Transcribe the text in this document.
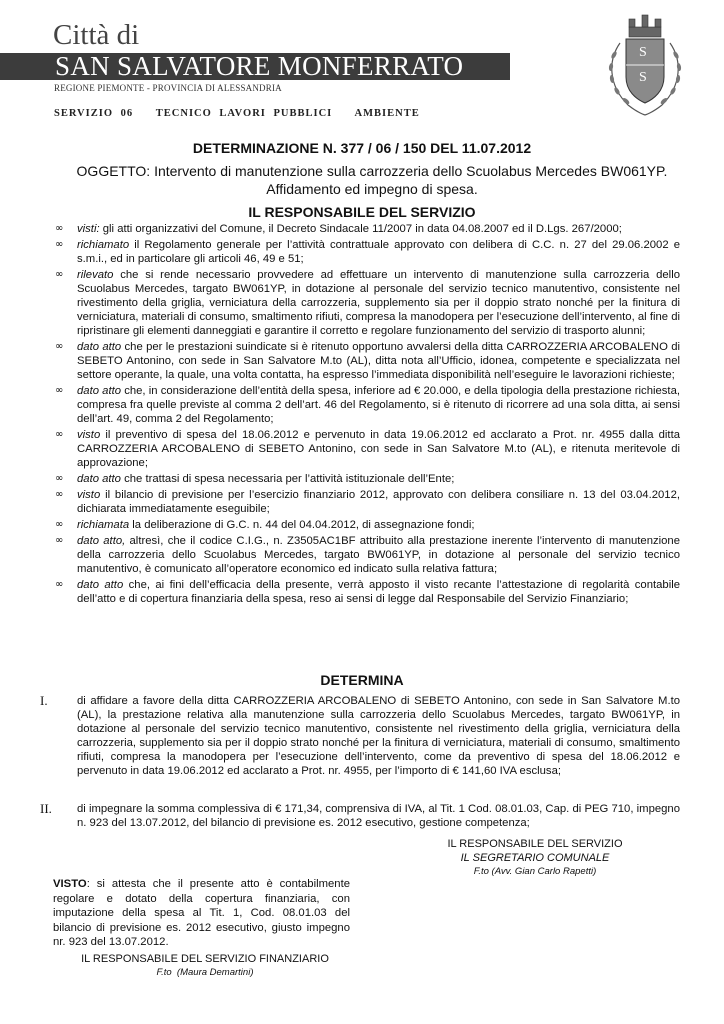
Città di
SAN SALVATORE MONFERRATO
REGIONE PIEMONTE - PROVINCIA DI ALESSANDRIA
SERVIZIO 06   TECNICO LAVORI PUBBLICI   AMBIENTE
S
S
DETERMINAZIONE N. 377 / 06 / 150 DEL 11.07.2012
OGGETTO: Intervento di manutenzione sulla carrozzeria dello Scuolabus Mercedes BW061YP.
Affidamento ed impegno di spesa.
IL RESPONSABILE DEL SERVIZIO
∞ visti: gli atti organizzativi del Comune, il Decreto Sindacale 11/2007 in data 04.08.2007 ed il D.Lgs. 267/2000;
∞ richiamato il Regolamento generale per l’attività contrattuale approvato con delibera di C.C. n. 27 del 29.06.2002 e s.m.i., ed in particolare gli articoli 46, 49 e 51;
∞ rilevato che si rende necessario provvedere ad effettuare un intervento di manutenzione sulla carrozzeria dello Scuolabus Mercedes, targato BW061YP, in dotazione al personale del servizio tecnico manutentivo, consistente nel rivestimento della griglia, verniciatura della carrozzeria, supplemento sia per il doppio strato nonché per la finitura di verniciatura, materiali di consumo, smaltimento rifiuti, compresa la manodopera per l’esecuzione dell’intervento, al fine di ripristinare gli elementi danneggiati e garantire il corretto e regolare funzionamento del servizio di trasporto alunni;
∞ dato atto che per le prestazioni suindicate si è ritenuto opportuno avvalersi della ditta CARROZZERIA ARCOBALENO di SEBETO Antonino, con sede in San Salvatore M.to (AL), ditta nota all’Ufficio, idonea, competente e specializzata nel settore operante, la quale, una volta contatta, ha espresso l’immediata disponibilità nell’eseguire le lavorazioni richieste;
∞ dato atto che, in considerazione dell’entità della spesa, inferiore ad € 20.000, e della tipologia della prestazione richiesta, compresa fra quelle previste al comma 2 dell’art. 46 del Regolamento, si è ritenuto di ricorrere ad una sola ditta, ai sensi dell’art. 49, comma 2 del Regolamento;
∞ visto il preventivo di spesa del 18.06.2012 e pervenuto in data 19.06.2012 ed acclarato a Prot. nr. 4955 dalla ditta CARROZZERIA ARCOBALENO di SEBETO Antonino, con sede in San Salvatore M.to (AL), e ritenuta meritevole di approvazione;
∞ dato atto che trattasi di spesa necessaria per l’attività istituzionale dell’Ente;
∞ visto il bilancio di previsione per l’esercizio finanziario 2012, approvato con delibera consiliare n. 13 del 03.04.2012, dichiarata immediatamente eseguibile;
∞ richiamata la deliberazione di G.C. n. 44 del 04.04.2012, di assegnazione fondi;
∞ dato atto, altresì, che il codice C.I.G., n. Z3505AC1BF attribuito alla prestazione inerente l’intervento di manutenzione della carrozzeria dello Scuolabus Mercedes, targato BW061YP, in dotazione al personale del servizio tecnico manutentivo, è comunicato all’operatore economico ed indicato sulla relativa fattura;
∞ dato atto che, ai fini dell’efficacia della presente, verrà apposto il visto recante l’attestazione di regolarità contabile dell’atto e di copertura finanziaria della spesa, reso ai sensi di legge dal Responsabile del Servizio Finanziario;
DETERMINA
I.	di affidare a favore della ditta CARROZZERIA ARCOBALENO di SEBETO Antonino, con sede in San Salvatore M.to (AL), la prestazione relativa alla manutenzione sulla carrozzeria dello Scuolabus Mercedes, targato BW061YP, in dotazione al personale del servizio tecnico manutentivo, consistente nel rivestimento della griglia, verniciatura della carrozzeria, supplemento sia per il doppio strato nonché per la finitura di verniciatura, materiali di consumo, smaltimento rifiuti, compresa la manodopera per l’esecuzione dell’intervento, come da preventivo di spesa del 18.06.2012 e pervenuto in data 19.06.2012 ed acclarato a Prot. nr. 4955, per l’importo di € 141,60 IVA esclusa;
II. di impegnare la somma complessiva di € 171,34, comprensiva di IVA, al Tit. 1 Cod. 08.01.03, Cap. di PEG 710, impegno n. 923 del 13.07.2012, del bilancio di previsione es. 2012 esecutivo, gestione competenza;
IL RESPONSABILE DEL SERVIZIO
IL SEGRETARIO COMUNALE
F.to (Avv. Gian Carlo Rapetti)
VISTO: si attesta che il presente atto è contabilmente regolare e dotato della copertura finanziaria, con imputazione della spesa al Tit. 1, Cod. 08.01.03 del bilancio di previsione es. 2012 esecutivo, giusto impegno nr. 923 del 13.07.2012.
IL RESPONSABILE DEL SERVIZIO FINANZIARIO
F.to  (Maura Demartini)
